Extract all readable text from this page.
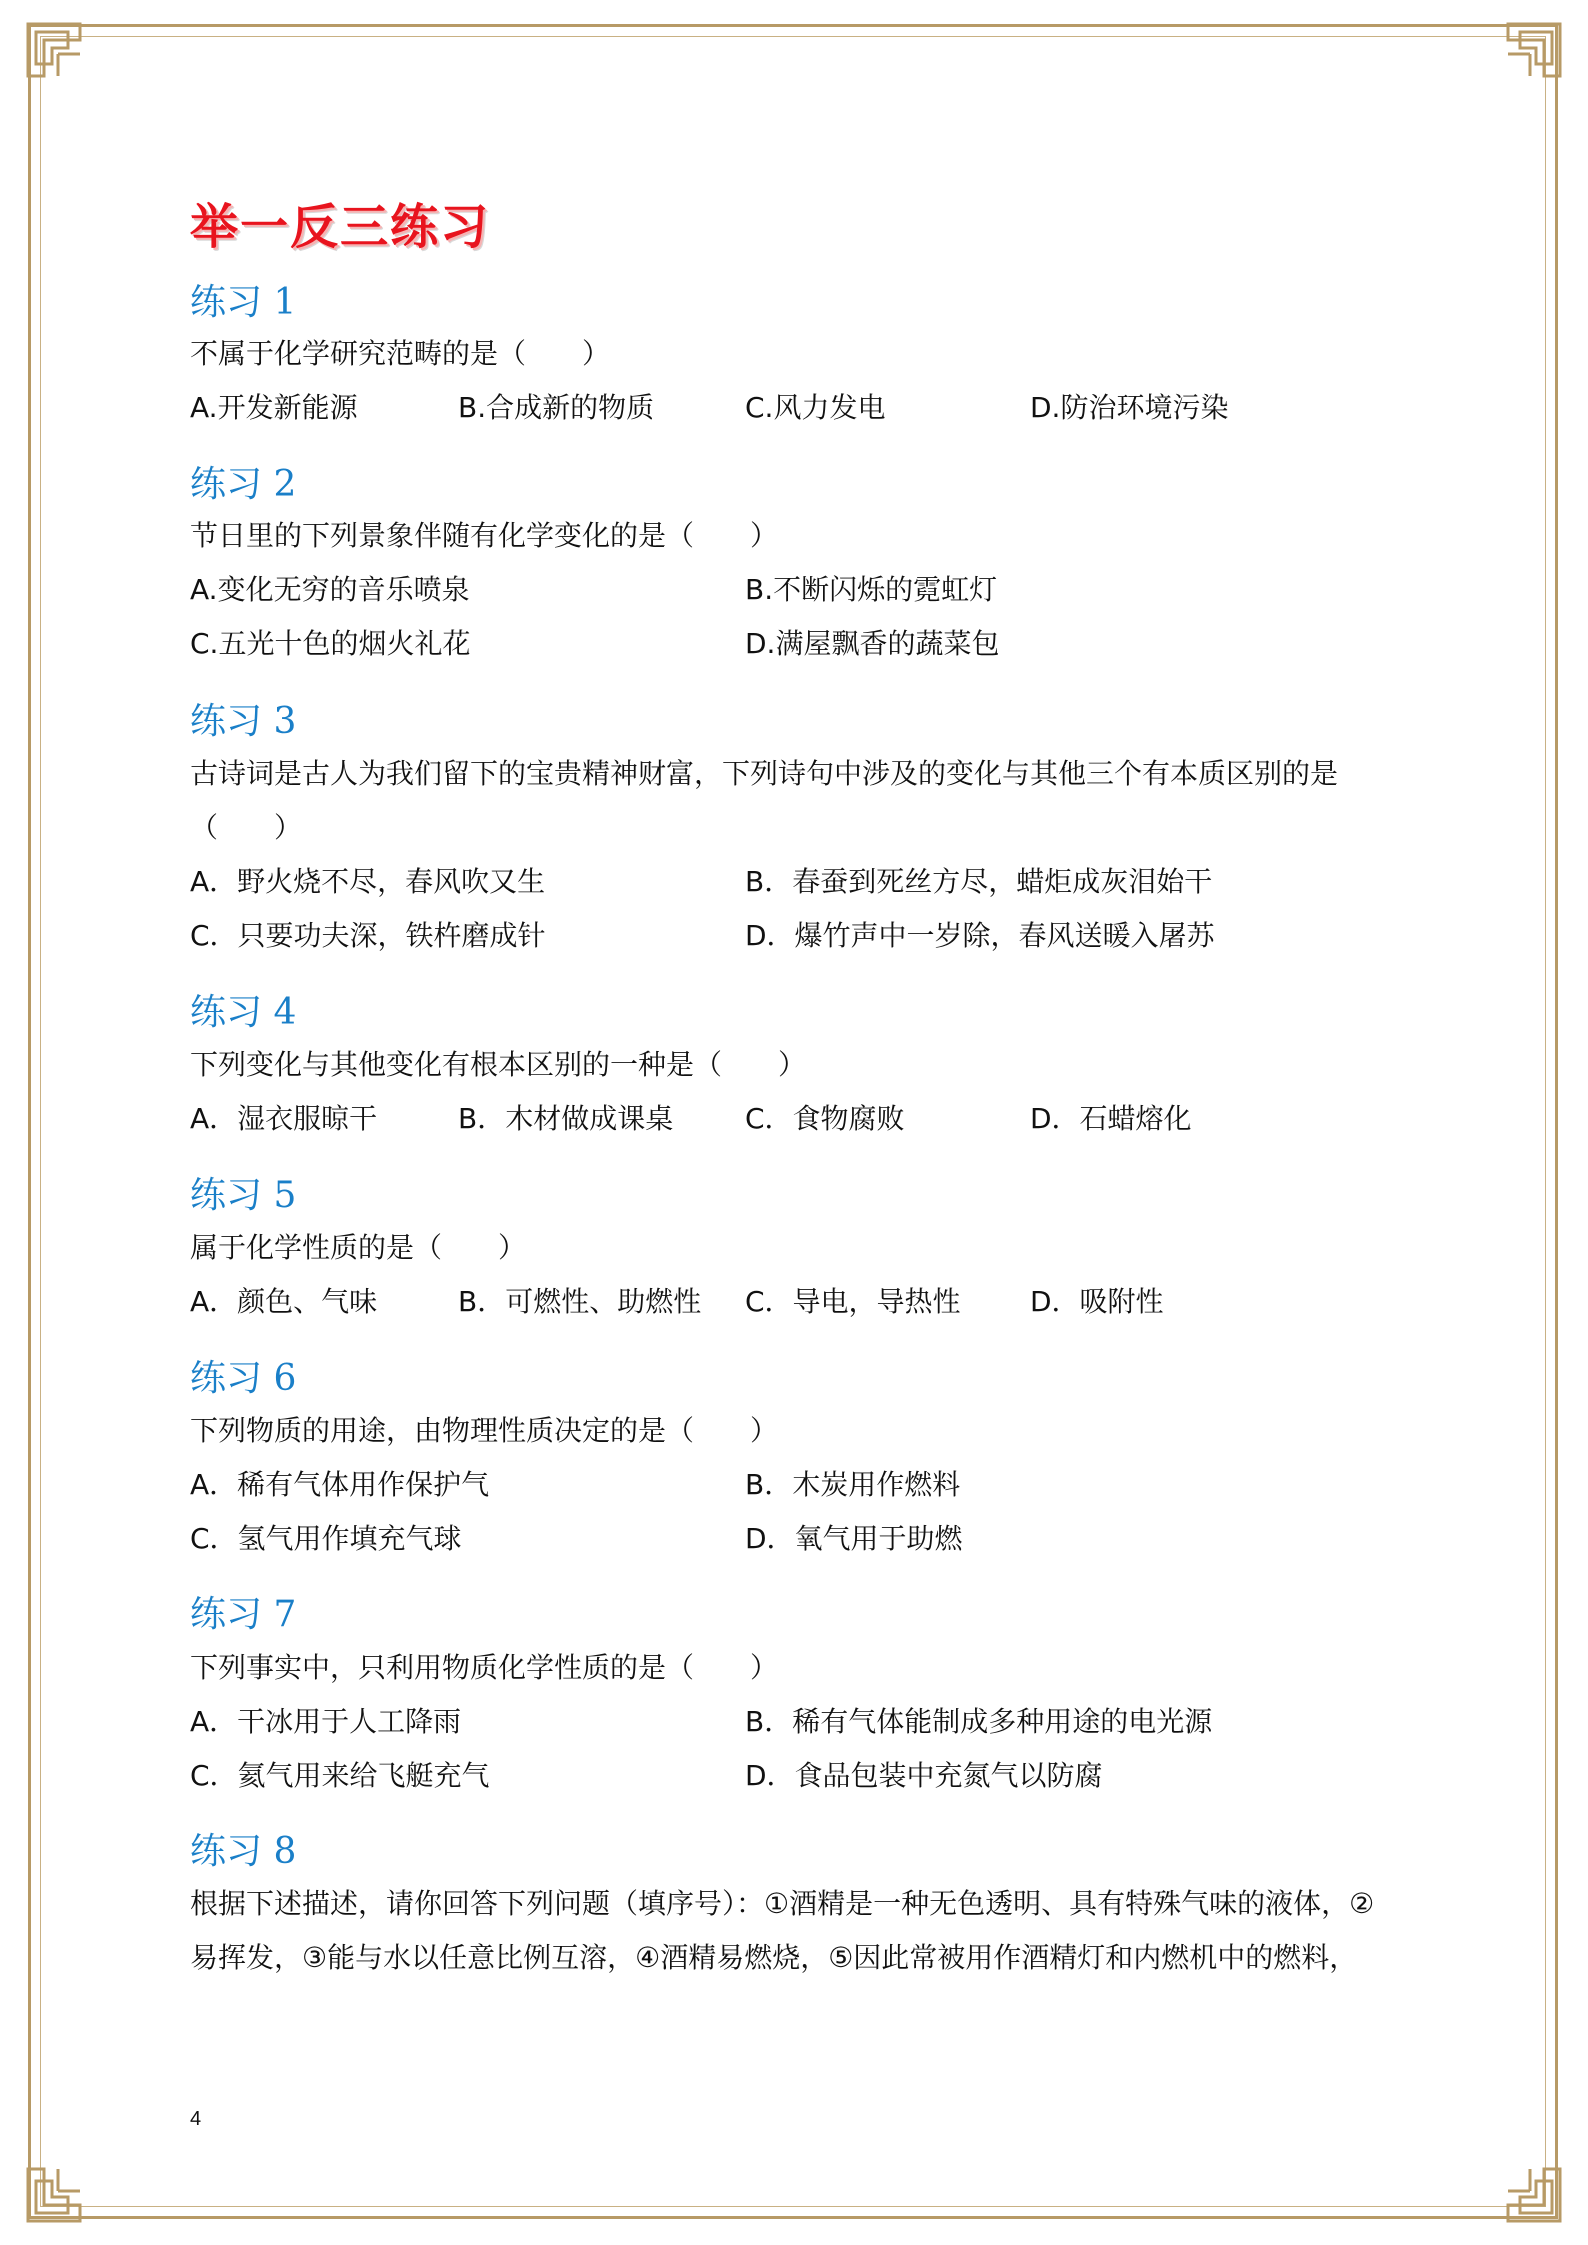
举一反三练习
练习 1

不属于化学研究范畴的是（　　）

A.开发新能源	B.合成新的物质	C.风力发电	D.防治环境污染

练习 2

节日里的下列景象伴随有化学变化的是（　　）

A.变化无穷的音乐喷泉	B.不断闪烁的霓虹灯

C.五光十色的烟火礼花	D.满屋飘香的蔬菜包

练习 3

古诗词是古人为我们留下的宝贵精神财富，下列诗句中涉及的变化与其他三个有本质区别的是

（　　）

A．野火烧不尽，春风吹又生	B．春蚕到死丝方尽，蜡炬成灰泪始干

C．只要功夫深，铁杵磨成针	D．爆竹声中一岁除，春风送暖入屠苏

练习 4

下列变化与其他变化有根本区别的一种是（　　）

A．湿衣服晾干	B．木材做成课桌	C．食物腐败	D．石蜡熔化

练习 5

属于化学性质的是（　　）

A．颜色、气味	B．可燃性、助燃性 C．导电，导热性 D．吸附性

练习 6

下列物质的用途，由物理性质决定的是（　　）

A．稀有气体用作保护气	B．木炭用作燃料

C．氢气用作填充气球	D．氧气用于助燃

练习 7

下列事实中，只利用物质化学性质的是（　　）

A．干冰用于人工降雨	B．稀有气体能制成多种用途的电光源

C．氦气用来给飞艇充气	D．食品包装中充氮气以防腐

练习 8

根据下述描述，请你回答下列问题（填序号）：①酒精是一种无色透明、具有特殊气味的液体，②

易挥发，③能与水以任意比例互溶，④酒精易燃烧，⑤因此常被用作酒精灯和内燃机中的燃料，

4
